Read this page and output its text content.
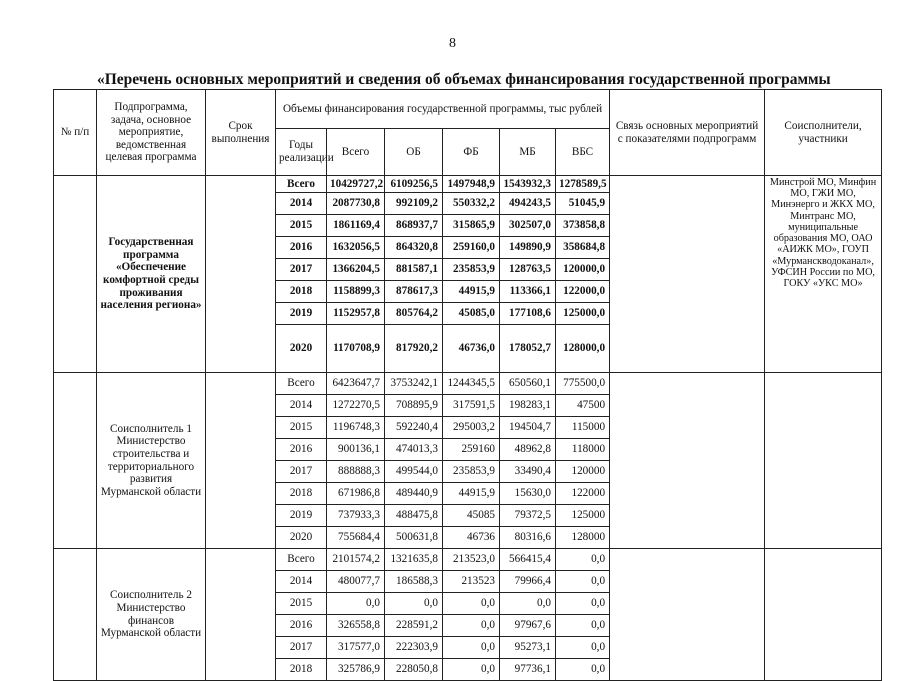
8
«Перечень основных мероприятий и сведения об объемах финансирования государственной программы
№ п/п	Подпрограмма, задача, основное мероприятие, ведомственная целевая программа	Срок выполнения	Объемы финансирования государственной программы, тыс рублей						Связь основных мероприятий с показателями подпрограмм	Соисполнители, участники
			Годы реализации	Всего	ОБ	ФБ	МБ	ВБС		
	Государственная программа «Обеспечение комфортной среды проживания населения региона»		Всего	10429727,2	6109256,5	1497948,9	1543932,3	1278589,5		Минстрой МО, Минфин МО, ГЖИ МО, Минэнерго и ЖКХ МО, Минтранс МО, муниципальные образования МО, ОАО «АИЖК МО», ГОУП «Мурманскводоканал», УФСИН России по МО, ГОКУ «УКС МО»
			2014	2087730,8	992109,2	550332,2	494243,5	51045,9		
			2015	1861169,4	868937,7	315865,9	302507,0	373858,8		
			2016	1632056,5	864320,8	259160,0	149890,9	358684,8		
			2017	1366204,5	881587,1	235853,9	128763,5	120000,0		
			2018	1158899,3	878617,3	44915,9	113366,1	122000,0		
			2019	1152957,8	805764,2	45085,0	177108,6	125000,0		
			2020	1170708,9	817920,2	46736,0	178052,7	128000,0		
	Соисполнитель 1 Министерство строительства и территориального развития Мурманской области		Всего	6423647,7	3753242,1	1244345,5	650560,1	775500,0		
			2014	1272270,5	708895,9	317591,5	198283,1	47500		
			2015	1196748,3	592240,4	295003,2	194504,7	115000		
			2016	900136,1	474013,3	259160	48962,8	118000		
			2017	888888,3	499544,0	235853,9	33490,4	120000		
			2018	671986,8	489440,9	44915,9	15630,0	122000		
			2019	737933,3	488475,8	45085	79372,5	125000		
			2020	755684,4	500631,8	46736	80316,6	128000		
	Соисполнитель 2 Министерство финансов Мурманской области		Всего	2101574,2	1321635,8	213523,0	566415,4	0,0		
			2014	480077,7	186588,3	213523	79966,4	0,0		
			2015	0,0	0,0	0,0	0,0	0,0		
			2016	326558,8	228591,2	0,0	97967,6	0,0		
			2017	317577,0	222303,9	0,0	95273,1	0,0		
			2018	325786,9	228050,8	0,0	97736,1	0,0		
